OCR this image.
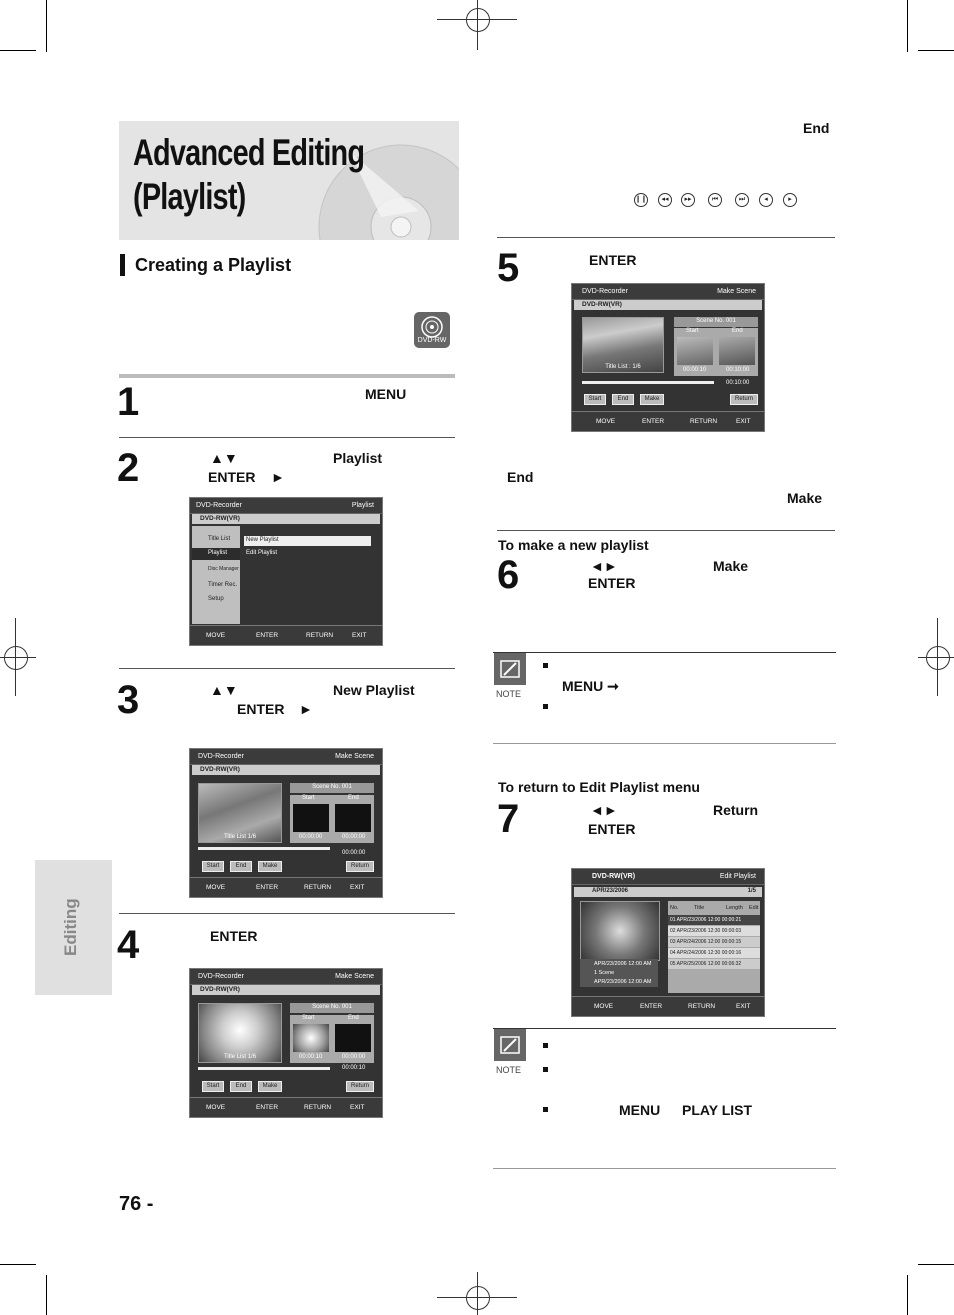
Advanced Editing
(Playlist)
Creating a Playlist
DVD-RW
1	MENU
2	▲▼	Playlist
ENTER ►
DVD-Recorder	Playlist
DVD-RW(VR)
Title List
Playlist
Disc Manager
Timer Rec.
Setup
New Playlist
Edit Playlist
MOVE	ENTER	RETURN	EXIT
3	▲▼	New Playlist
ENTER ►
DVD-Recorder	Make Scene
DVD-RW(VR)
Title List 1/6
Scene No. 001
Start	End
00:00:00	00:00:00
00:00:00
Start	End	Make	Return
MOVE	ENTER	RETURN	EXIT
4	ENTER
DVD-Recorder	Make Scene
DVD-RW(VR)
Title List 1/6
Scene No. 001
Start	End
00:00:10	00:00:00
00:00:10
Start	End	Make	Return
MOVE	ENTER	RETURN	EXIT
Editing
76 -
End
❙❙	◂◂	▸▸	⏮	⏭	◂	▸
5	ENTER
DVD-Recorder	Make Scene
DVD-RW(VR)
Title List : 1/6
Scene No. 001
Start	End
00:00:10	00:10:00
00:10:00
Start	End	Make	Return
MOVE	ENTER	RETURN	EXIT
End
Make
To make a new playlist
6	◄►	Make
ENTER
NOTE	MENU ➞
To return to Edit Playlist menu
7	◄►	Return
ENTER
DVD-RW(VR)	Edit Playlist
APR/23/2006	1/5
APR/23/2006 12:00 AM
1 Scene
APR/23/2006 12:00 AM
No.	Title	Length Edit
01 APR/23/2006 12:00 00:00:21
02 APR/23/2006 12:30 00:00:03
03 APR/24/2006 12:00 00:00:15
04 APR/24/2006 12:30 00:00:16
05 APR/25/2006 12:00 00:06:32
MOVE	ENTER	RETURN	EXIT
NOTE
MENU PLAY LIST
